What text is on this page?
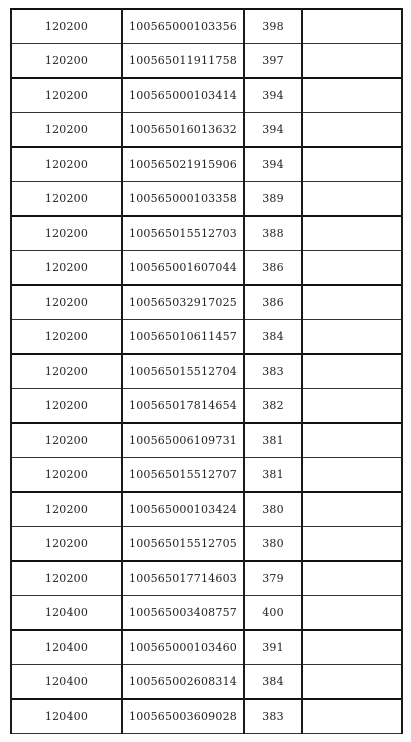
120200	100565000103356	398	
120200	100565011911758	397	
120200	100565000103414	394	
120200	100565016013632	394	
120200	100565021915906	394	
120200	100565000103358	389	
120200	100565015512703	388	
120200	100565001607044	386	
120200	100565032917025	386	
120200	100565010611457	384	
120200	100565015512704	383	
120200	100565017814654	382	
120200	100565006109731	381	
120200	100565015512707	381	
120200	100565000103424	380	
120200	100565015512705	380	
120200	100565017714603	379	
120400	100565003408757	400	
120400	100565000103460	391	
120400	100565002608314	384	
120400	100565003609028	383	
